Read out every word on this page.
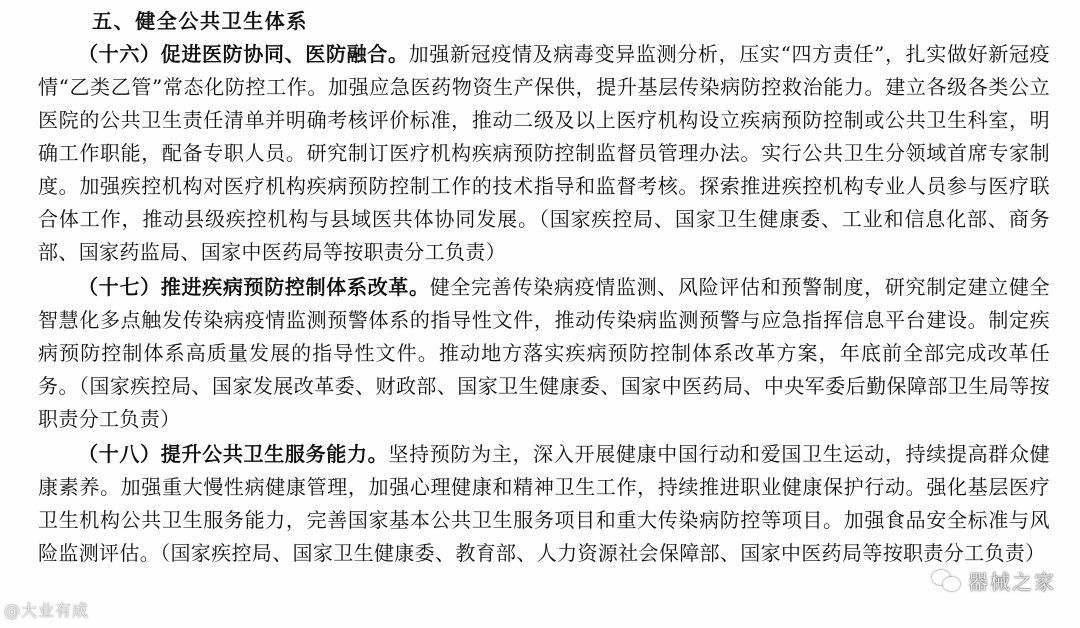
五、健全公共卫生体系

（十六）促进医防协同、医防融合。加强新冠疫情及病毒变异监测分析，压实“四方责任”，扎实做好新冠疫情“乙类乙管”常态化防控工作。加强应急医药物资生产保供，提升基层传染病防控救治能力。建立各级各类公立医院的公共卫生责任清单并明确考核评价标准，推动二级及以上医疗机构设立疾病预防控制或公共卫生科室，明确工作职能，配备专职人员。研究制订医疗机构疾病预防控制监督员管理办法。实行公共卫生分领域首席专家制度。加强疾控机构对医疗机构疾病预防控制工作的技术指导和监督考核。探索推进疾控机构专业人员参与医疗联合体工作，推动县级疾控机构与县域医共体协同发展。（国家疾控局、国家卫生健康委、工业和信息化部、商务部、国家药监局、国家中医药局等按职责分工负责）

（十七）推进疾病预防控制体系改革。健全完善传染病疫情监测、风险评估和预警制度，研究制定建立健全智慧化多点触发传染病疫情监测预警体系的指导性文件，推动传染病监测预警与应急指挥信息平台建设。制定疾病预防控制体系高质量发展的指导性文件。推动地方落实疾病预防控制体系改革方案，年底前全部完成改革任务。（国家疾控局、国家发展改革委、财政部、国家卫生健康委、国家中医药局、中央军委后勤保障部卫生局等按职责分工负责）

（十八）提升公共卫生服务能力。坚持预防为主，深入开展健康中国行动和爱国卫生运动，持续提高群众健康素养。加强重大慢性病健康管理，加强心理健康和精神卫生工作，持续推进职业健康保护行动。强化基层医疗卫生机构公共卫生服务能力，完善国家基本公共卫生服务项目和重大传染病防控等项目。加强食品安全标准与风险监测评估。（国家疾控局、国家卫生健康委、教育部、人力资源社会保障部、国家中医药局等按职责分工负责）

@大业有成
器械之家
